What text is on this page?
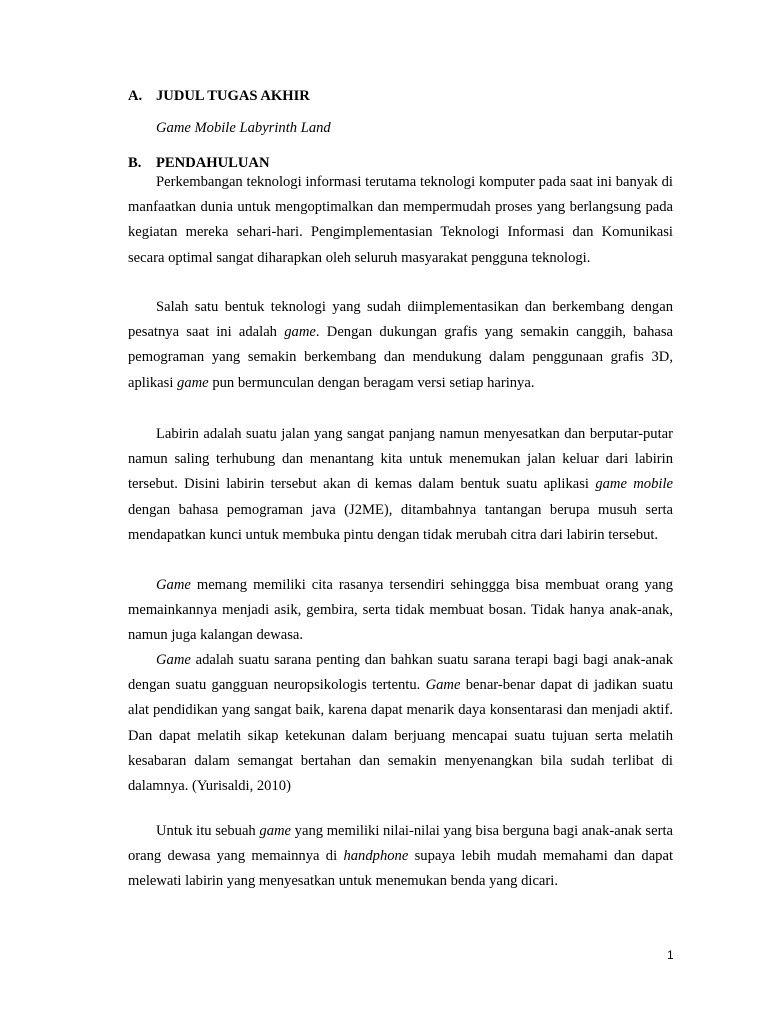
A. JUDUL TUGAS AKHIR
Game Mobile Labyrinth Land
B. PENDAHULUAN

Perkembangan teknologi informasi terutama teknologi komputer pada saat ini banyak di manfaatkan dunia untuk mengoptimalkan dan mempermudah proses yang berlangsung pada kegiatan mereka sehari-hari. Pengimplementasian Teknologi Informasi dan Komunikasi secara optimal sangat diharapkan oleh seluruh masyarakat pengguna teknologi.

Salah satu bentuk teknologi yang sudah diimplementasikan dan berkembang dengan pesatnya saat ini adalah game. Dengan dukungan grafis yang semakin canggih, bahasa pemograman yang semakin berkembang dan mendukung dalam penggunaan grafis 3D, aplikasi game pun bermunculan dengan beragam versi setiap harinya.

Labirin adalah suatu jalan yang sangat panjang namun menyesatkan dan berputar-putar namun saling terhubung dan menantang kita untuk menemukan jalan keluar dari labirin tersebut. Disini labirin tersebut akan di kemas dalam bentuk suatu aplikasi game mobile dengan bahasa pemograman java (J2ME), ditambahnya tantangan berupa musuh serta mendapatkan kunci untuk membuka pintu dengan tidak merubah citra dari labirin tersebut.

Game memang memiliki cita rasanya tersendiri sehinggga bisa membuat orang yang memainkannya menjadi asik, gembira, serta tidak membuat bosan. Tidak hanya anak-anak, namun juga kalangan dewasa.

Game adalah suatu sarana penting dan bahkan suatu sarana terapi bagi bagi anak-anak dengan suatu gangguan neuropsikologis tertentu. Game benar-benar dapat di jadikan suatu alat pendidikan yang sangat baik, karena dapat menarik daya konsentarasi dan menjadi aktif. Dan dapat melatih sikap ketekunan dalam berjuang mencapai suatu tujuan serta melatih kesabaran dalam semangat bertahan dan semakin menyenangkan bila sudah terlibat di dalamnya. (Yurisaldi, 2010)

Untuk itu sebuah game yang memiliki nilai-nilai yang bisa berguna bagi anak-anak serta orang dewasa yang memainnya di handphone supaya lebih mudah memahami dan dapat melewati labirin yang menyesatkan untuk menemukan benda yang dicari.

1
